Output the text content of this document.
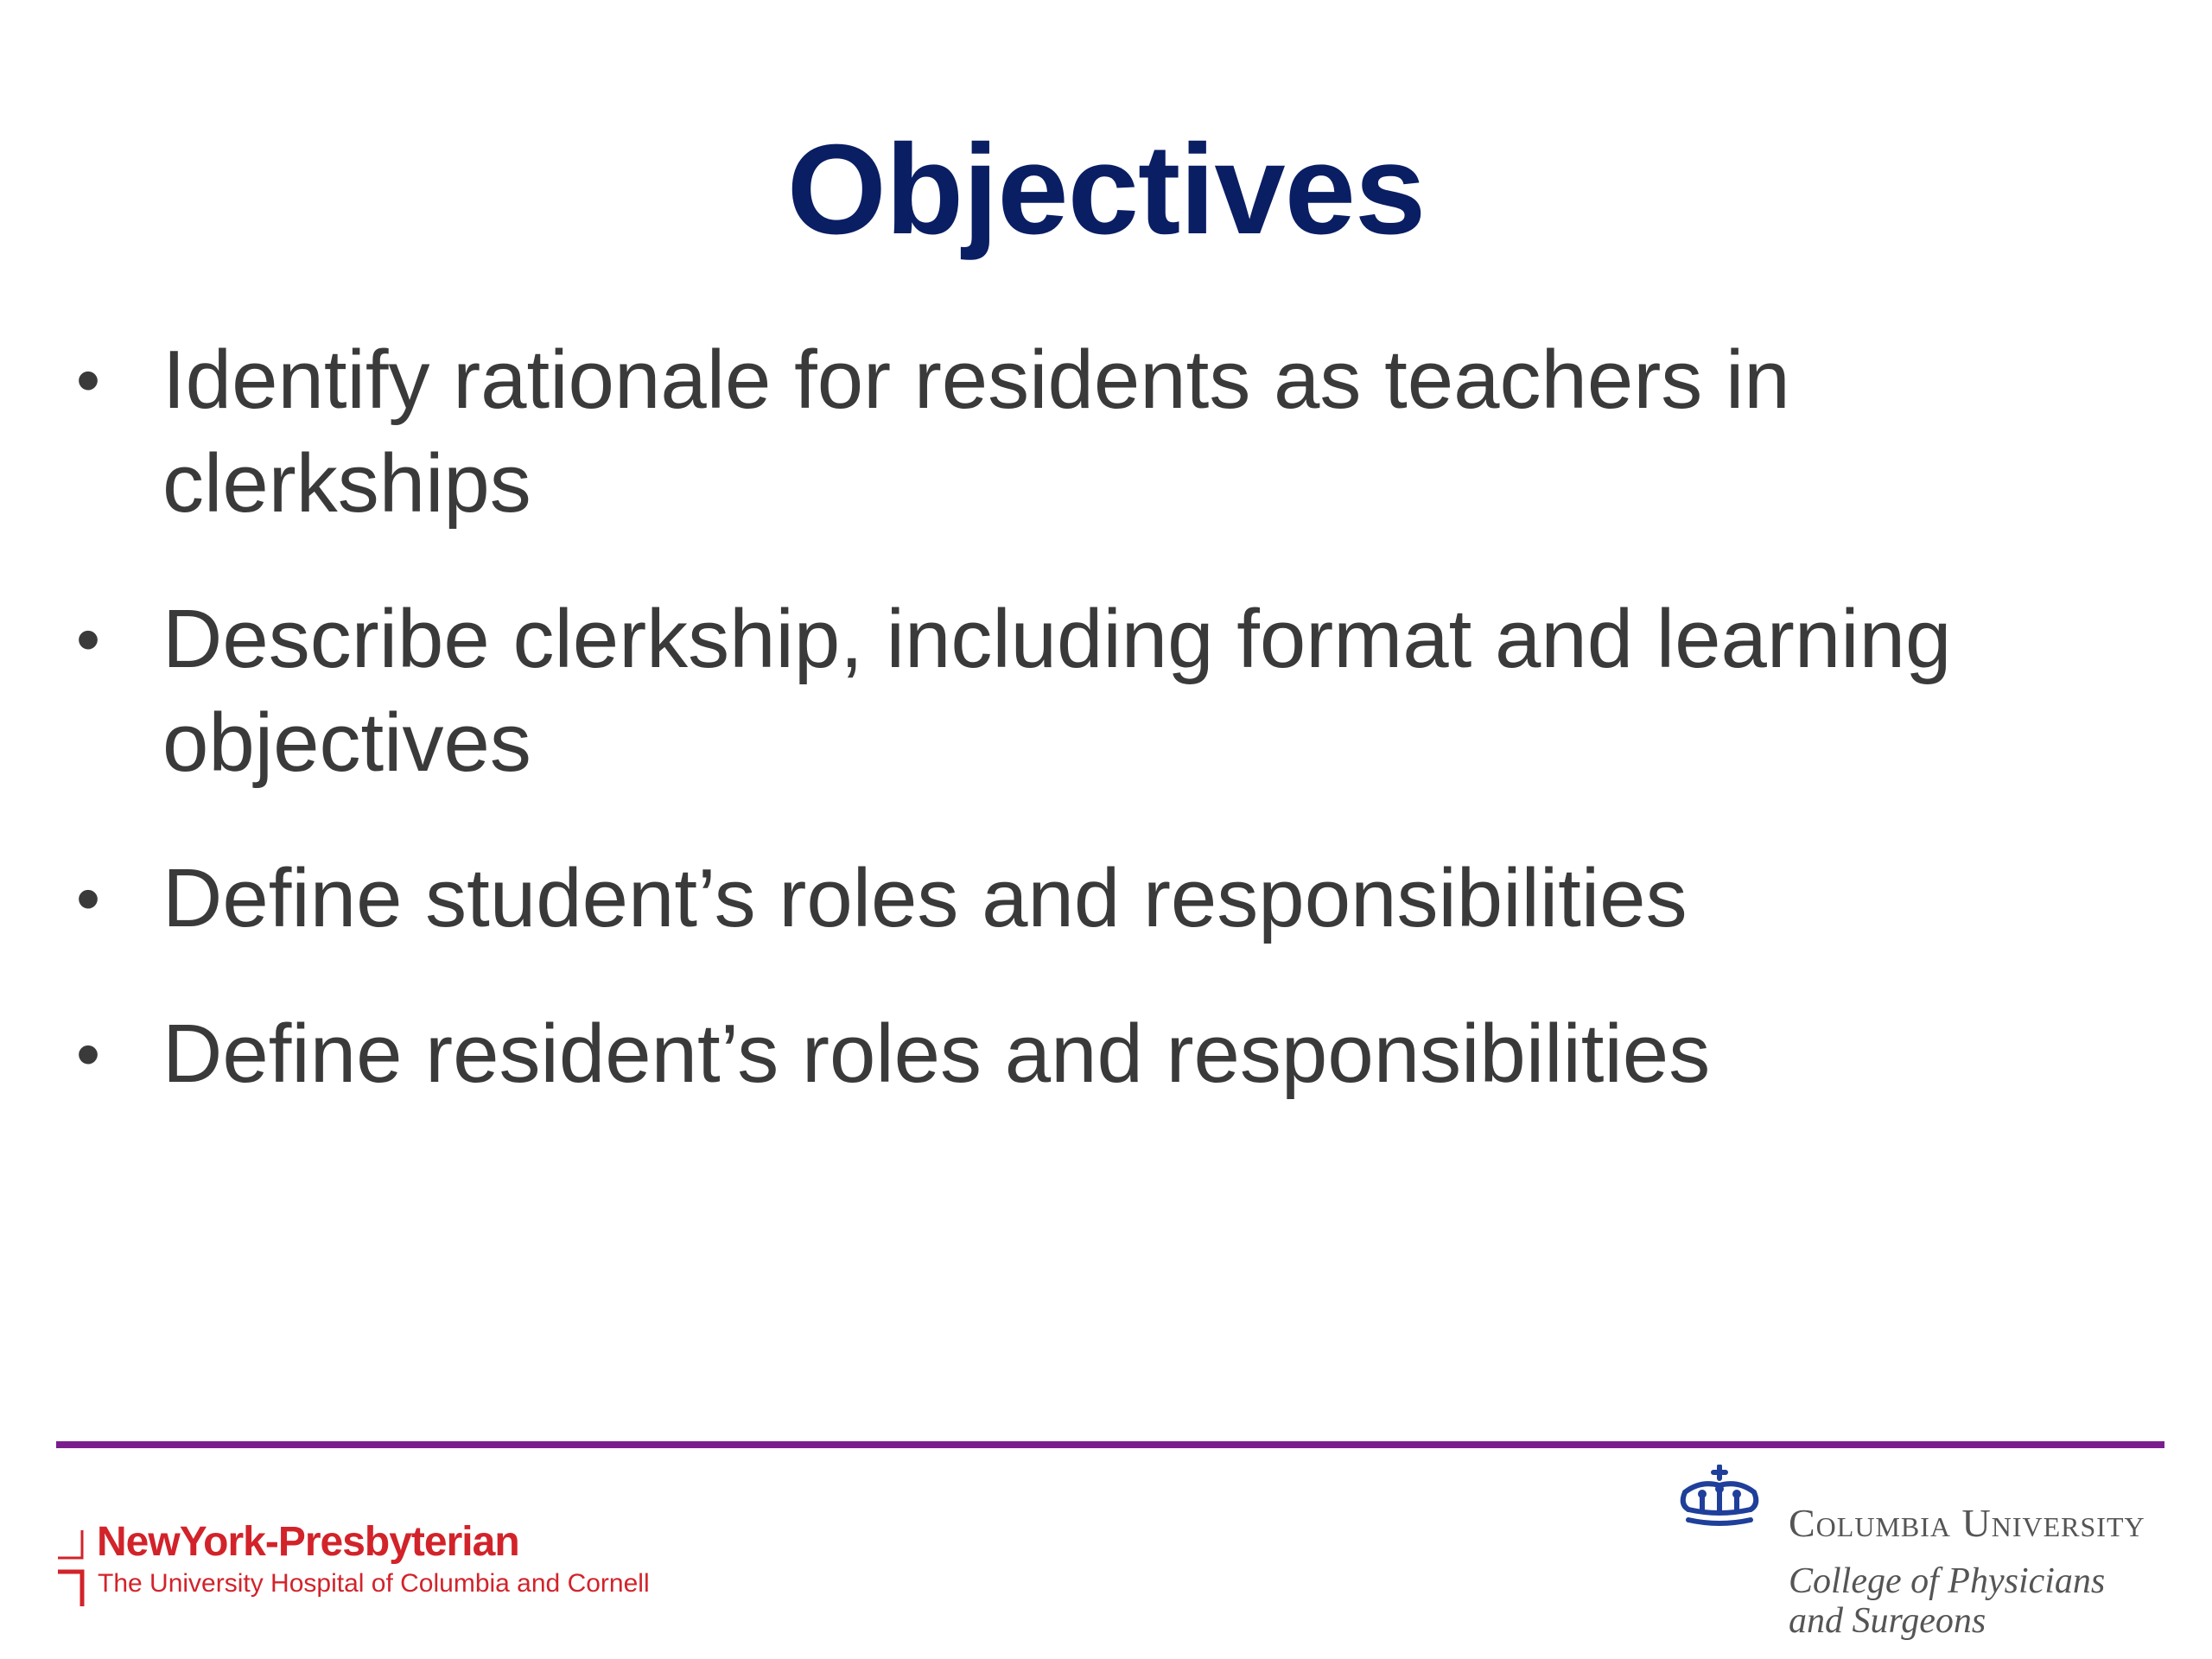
Objectives
• Identify rationale for residents as teachers in
clerkships
• Describe clerkship, including format and learning
objectives
• Define student’s roles and responsibilities
• Define resident’s roles and responsibilities
NewYork-Presbyterian
The University Hospital of Columbia and Cornell
Columbia University
College of Physicians
and Surgeons
